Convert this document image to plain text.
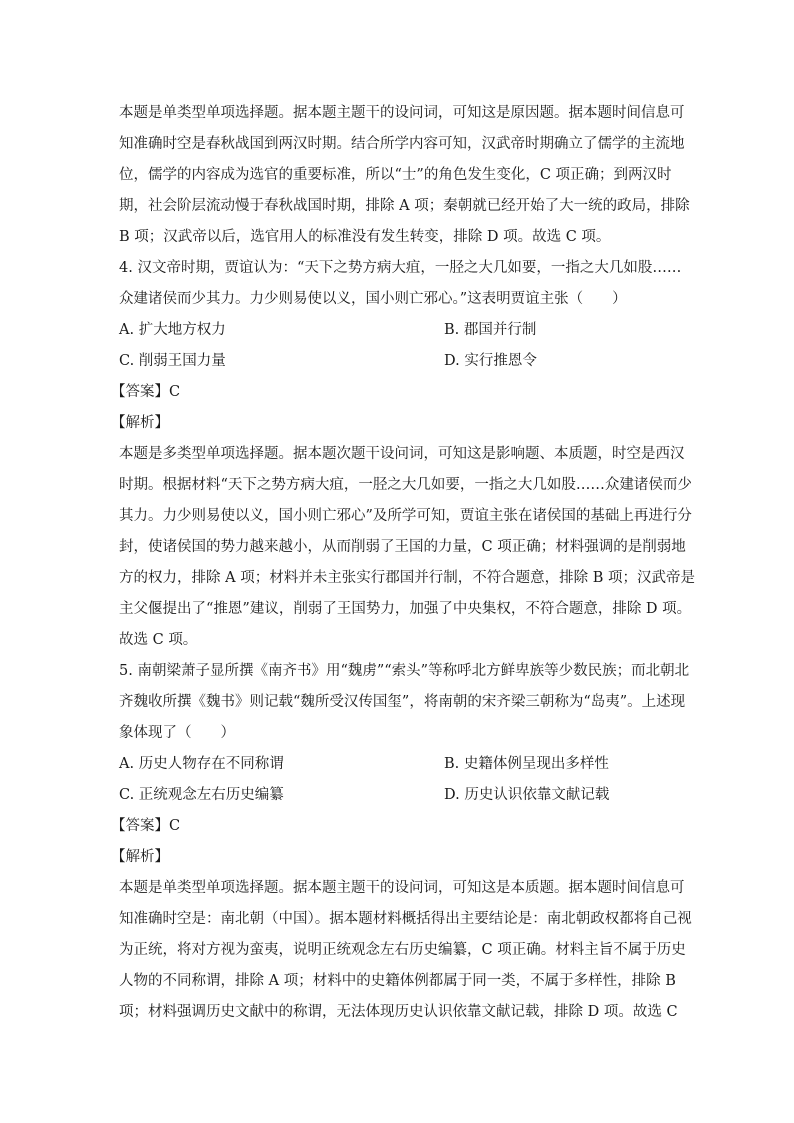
本题是单类型单项选择题。据本题主题干的设问词，可知这是原因题。据本题时间信息可
知准确时空是春秋战国到两汉时期。结合所学内容可知，汉武帝时期确立了儒学的主流地
位，儒学的内容成为选官的重要标准，所以“士”的角色发生变化，C 项正确；到两汉时
期，社会阶层流动慢于春秋战国时期，排除 A 项；秦朝就已经开始了大一统的政局，排除
B 项；汉武帝以后，选官用人的标准没有发生转变，排除 D 项。故选 C 项。
4. 汉文帝时期，贾谊认为：“天下之势方病大疽，一胫之大几如要，一指之大几如股……
众建诸侯而少其力。力少则易使以义，国小则亡邪心。”这表明贾谊主张（　　）
A. 扩大地方权力	B. 郡国并行制
C. 削弱王国力量	D. 实行推恩令
【答案】C
【解析】
本题是多类型单项选择题。据本题次题干设问词，可知这是影响题、本质题，时空是西汉
时期。根据材料“天下之势方病大疽，一胫之大几如要，一指之大几如股……众建诸侯而少
其力。力少则易使以义，国小则亡邪心”及所学可知，贾谊主张在诸侯国的基础上再进行分
封，使诸侯国的势力越来越小，从而削弱了王国的力量，C 项正确；材料强调的是削弱地
方的权力，排除 A 项；材料并未主张实行郡国并行制，不符合题意，排除 B 项；汉武帝是
主父偃提出了“推恩”建议，削弱了王国势力，加强了中央集权，不符合题意，排除 D 项。
故选 C 项。
5. 南朝梁萧子显所撰《南齐书》用“魏虏”“索头”等称呼北方鲜卑族等少数民族；而北朝北
齐魏收所撰《魏书》则记载“魏所受汉传国玺”，将南朝的宋齐梁三朝称为“岛夷”。上述现
象体现了（　　）
A. 历史人物存在不同称谓	B. 史籍体例呈现出多样性
C. 正统观念左右历史编纂	D. 历史认识依靠文献记载
【答案】C
【解析】
本题是单类型单项选择题。据本题主题干的设问词，可知这是本质题。据本题时间信息可
知准确时空是：南北朝（中国）。据本题材料概括得出主要结论是：南北朝政权都将自己视
为正统，将对方视为蛮夷，说明正统观念左右历史编纂，C 项正确。材料主旨不属于历史
人物的不同称谓，排除 A 项；材料中的史籍体例都属于同一类，不属于多样性，排除 B
项；材料强调历史文献中的称谓，无法体现历史认识依靠文献记载，排除 D 项。故选 C
